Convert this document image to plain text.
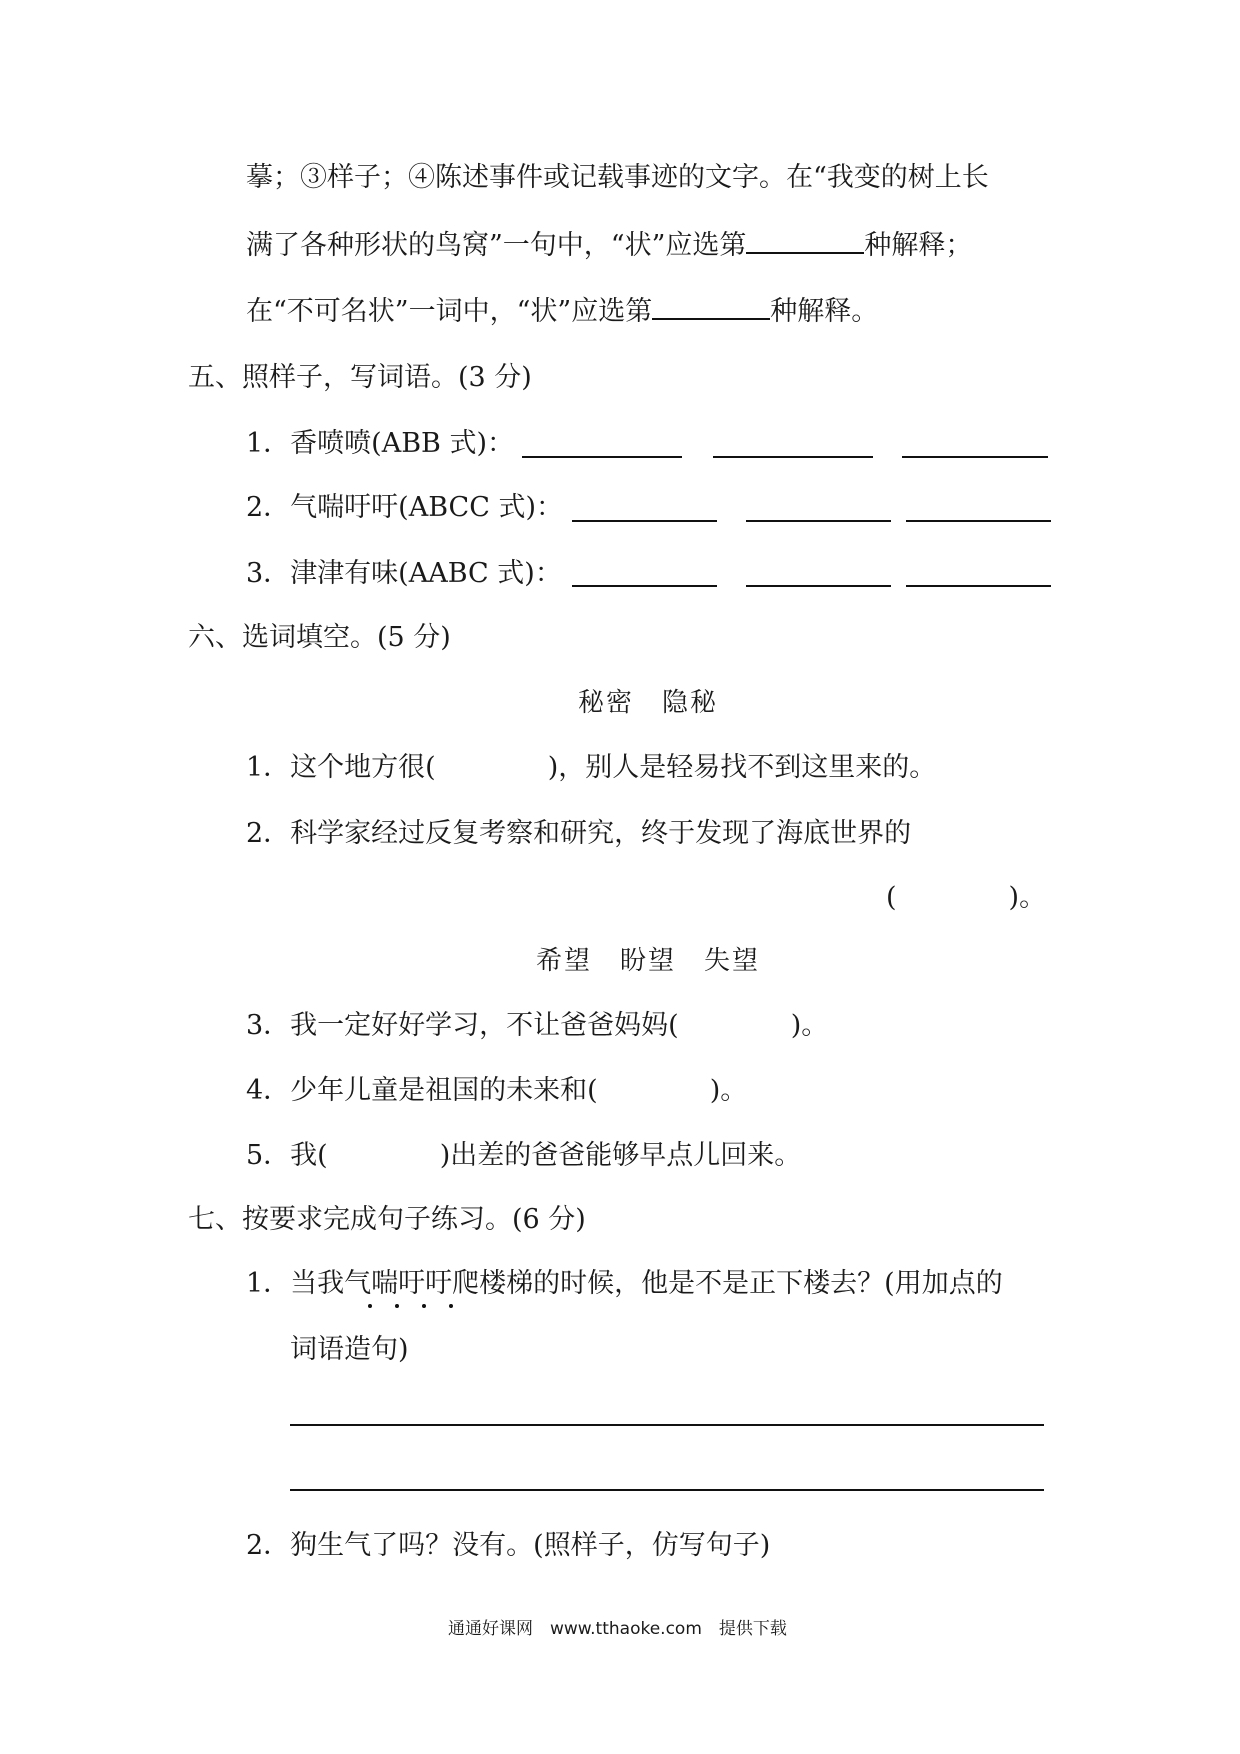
摹；③样子；④陈述事件或记载事迹的文字。在“我变的树上长
满了各种形状的鸟窝”一句中，“状”应选第	种解释；
在“不可名状”一词中，“状”应选第	种解释。
五、照样子，写词语。(3 分)
1．香喷喷(ABB 式)：
2．气喘吁吁(ABCC 式)：
3．津津有味(AABC 式)：
六、选词填空。(5 分)
秘密　隐秘
1．这个地方很(	)，别人是轻易找不到这里来的。
2．科学家经过反复考察和研究，终于发现了海底世界的
(	)。
希望　盼望　失望
3．我一定好好学习，不让爸爸妈妈(	)。
4．少年儿童是祖国的未来和(	)。
5．我(	)出差的爸爸能够早点儿回来。
七、按要求完成句子练习。(6 分)
1．当我气喘吁吁爬楼梯的时候，他是不是正下楼去？(用加点的
词语造句)
2．狗生气了吗？没有。(照样子，仿写句子)
通通好课网　www.tthaoke.com　提供下载
